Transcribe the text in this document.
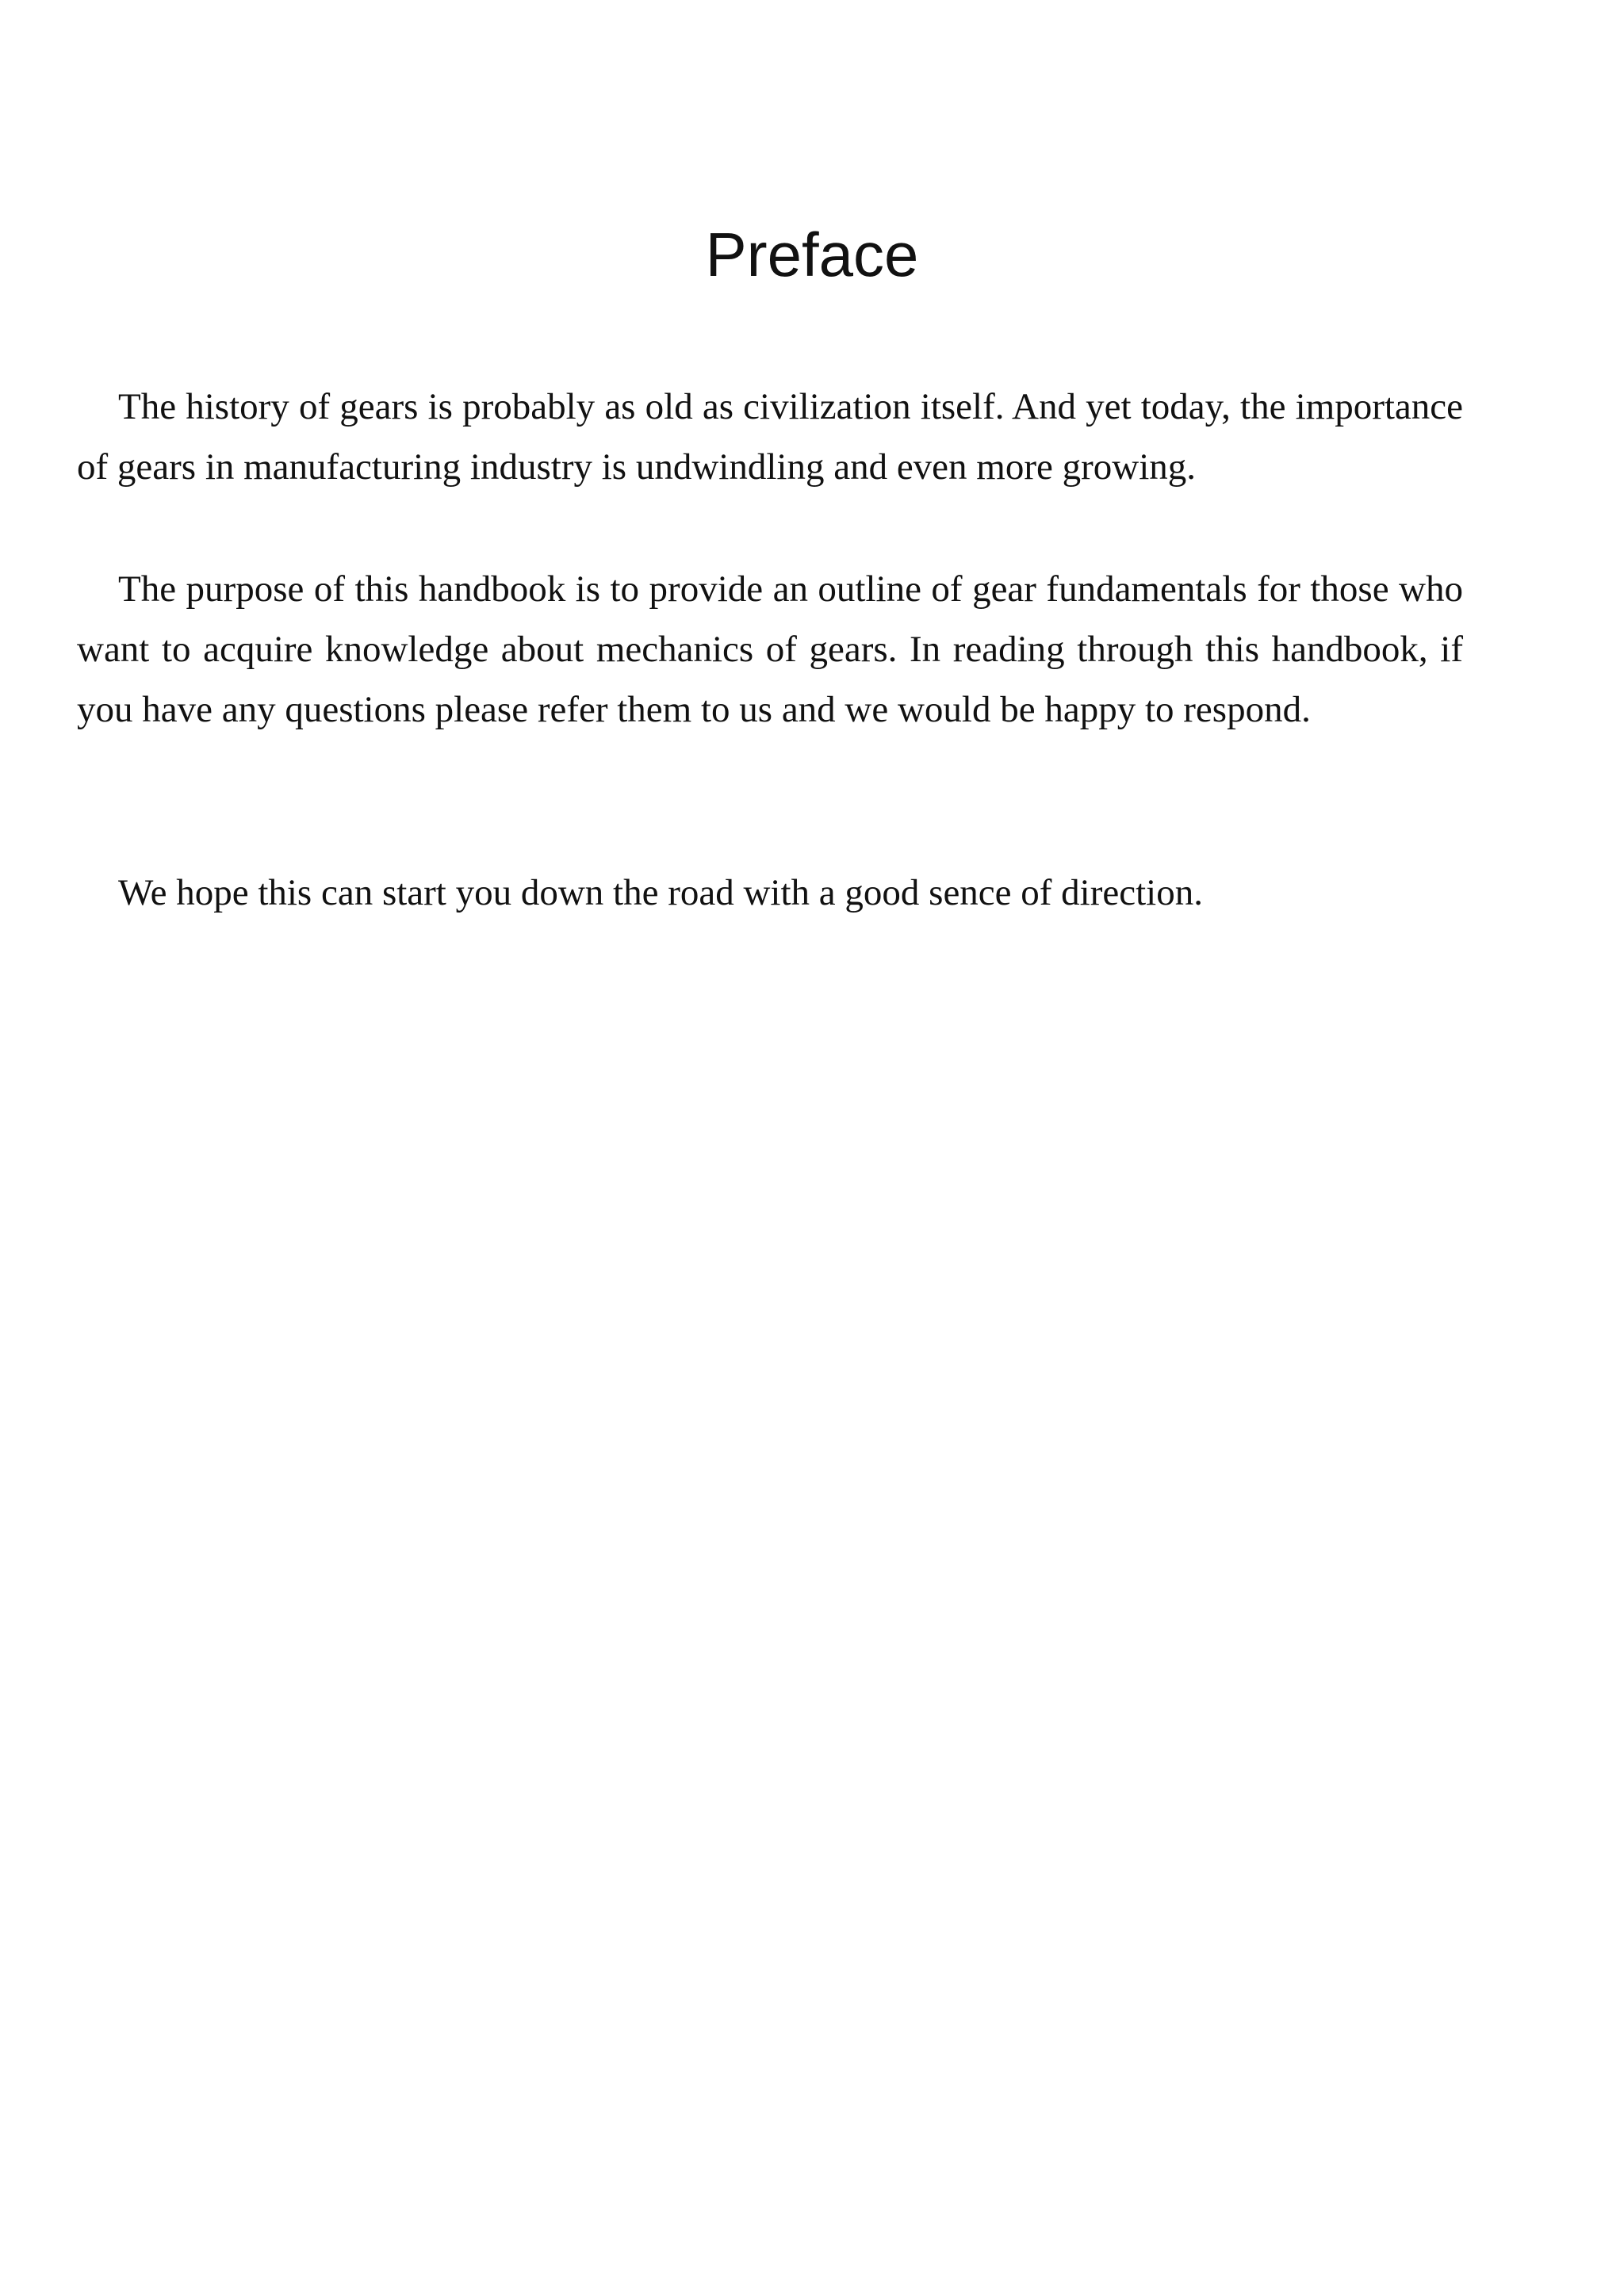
Preface

The history of gears is probably as old as civilization itself. And yet today, the importance of gears in manufacturing industry is undwindling and even more growing.

The purpose of this handbook is to provide an outline of gear fundamentals for those who want to acquire knowledge about mechanics of gears. In reading through this handbook, if you have any questions please refer them to us and we would be happy to respond.

We hope this can start you down the road with a good sence of direction.
